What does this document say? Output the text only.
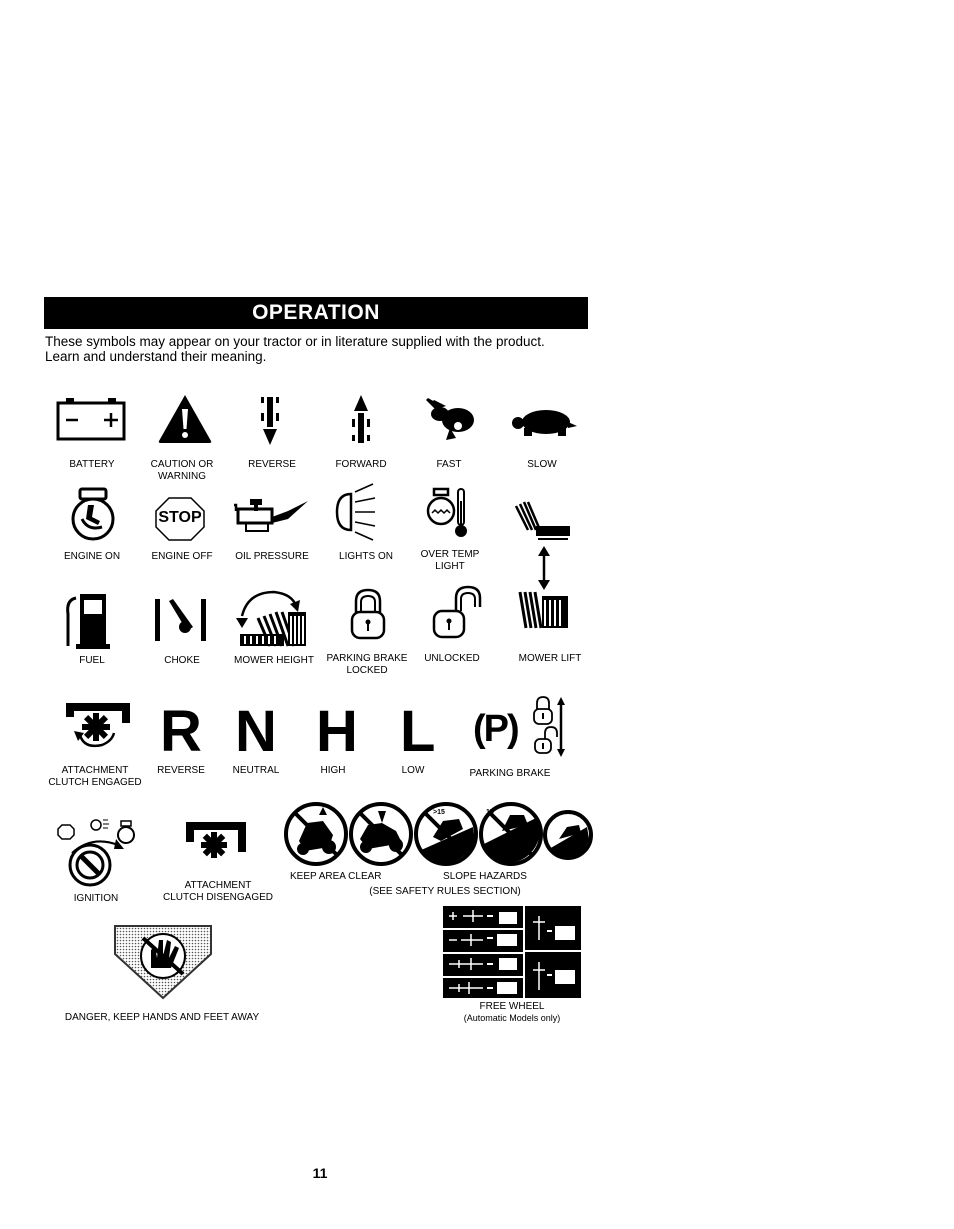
OPERATION
These symbols may appear on your tractor or in literature supplied with the product.
Learn and understand their meaning.
BATTERY	CAUTION OR
WARNING
REVERSE	FORWARD	FAST	SLOW
STOP
ENGINE ON	ENGINE OFF	OIL PRESSURE	LIGHTS ON	OVER TEMP
LIGHT
FUEL	CHOKE	MOWER HEIGHT PARKING BRAKE
LOCKED
UNLOCKED	MOWER LIFT
R N H L (P)
ATTACHMENT
CLUTCH ENGAGED
REVERSE	NEUTRAL	HIGH	LOW	PARKING BRAKE
>15	15
IGNITION
ATTACHMENT
CLUTCH DISENGAGED
KEEP AREA CLEAR	SLOPE HAZARDS
(SEE SAFETY RULES SECTION)
DANGER, KEEP HANDS AND FEET AWAY
FREE WHEEL
(Automatic Models only)
11
